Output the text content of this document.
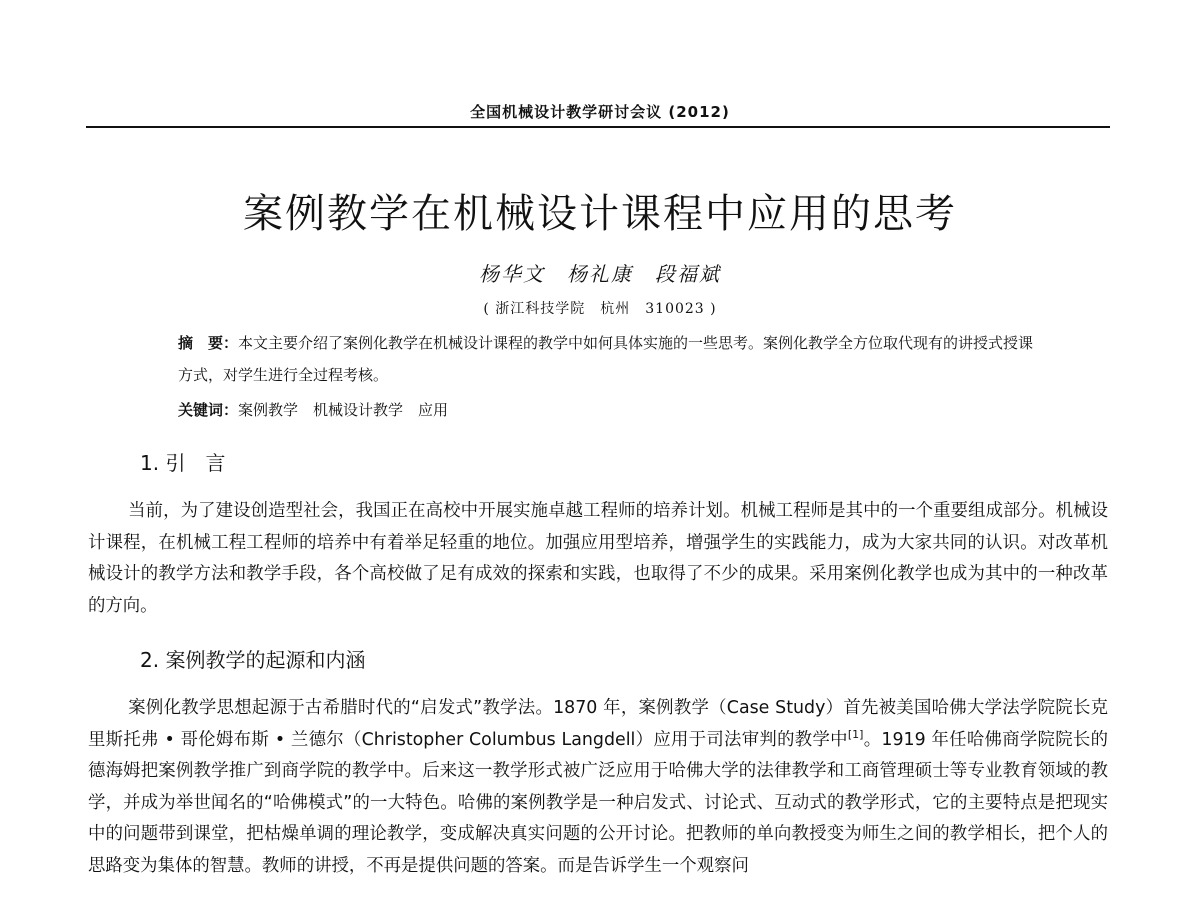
全国机械设计教学研讨会议 (2012)
案例教学在机械设计课程中应用的思考
杨华文　杨礼康　段福斌
( 浙江科技学院　杭州　310023 )
摘　要：本文主要介绍了案例化教学在机械设计课程的教学中如何具体实施的一些思考。案例化教学全方位取代现有的讲授式授课方式，对学生进行全过程考核。
关键词：案例教学　机械设计教学　应用
1. 引　言
当前，为了建设创造型社会，我国正在高校中开展实施卓越工程师的培养计划。机械工程师是其中的一个重要组成部分。机械设计课程，在机械工程工程师的培养中有着举足轻重的地位。加强应用型培养，增强学生的实践能力，成为大家共同的认识。对改革机械设计的教学方法和教学手段，各个高校做了足有成效的探索和实践，也取得了不少的成果。采用案例化教学也成为其中的一种改革的方向。
2. 案例教学的起源和内涵
案例化教学思想起源于古希腊时代的“启发式”教学法。1870 年，案例教学（Case Study）首先被美国哈佛大学法学院院长克里斯托弗 • 哥伦姆布斯 • 兰德尔（Christopher Columbus Langdell）应用于司法审判的教学中[1]。1919 年任哈佛商学院院长的德海姆把案例教学推广到商学院的教学中。后来这一教学形式被广泛应用于哈佛大学的法律教学和工商管理硕士等专业教育领域的教学，并成为举世闻名的“哈佛模式”的一大特色。哈佛的案例教学是一种启发式、讨论式、互动式的教学形式，它的主要特点是把现实中的问题带到课堂，把枯燥单调的理论教学，变成解决真实问题的公开讨论。把教师的单向教授变为师生之间的教学相长，把个人的思路变为集体的智慧。教师的讲授，不再是提供问题的答案。而是告诉学生一个观察问
